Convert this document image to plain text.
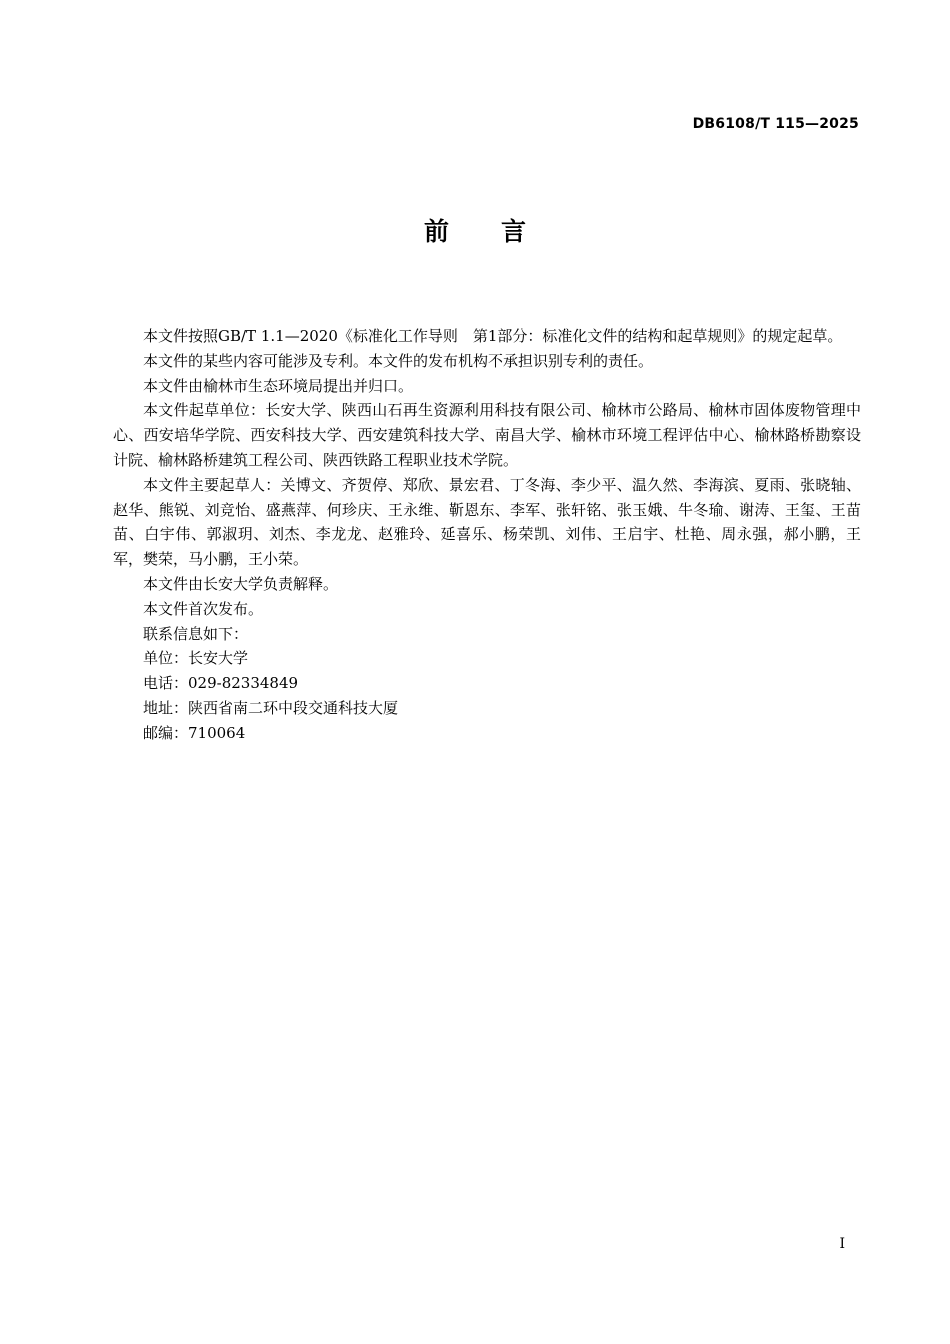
DB6108/T 115—2025
前言

本文件按照GB/T 1.1—2020《标准化工作导则　第1部分：标准化文件的结构和起草规则》的规定起草。

本文件的某些内容可能涉及专利。本文件的发布机构不承担识别专利的责任。

本文件由榆林市生态环境局提出并归口。

本文件起草单位：长安大学、陕西山石再生资源利用科技有限公司、榆林市公路局、榆林市固体废物管理中心、西安培华学院、西安科技大学、西安建筑科技大学、南昌大学、榆林市环境工程评估中心、榆林路桥勘察设计院、榆林路桥建筑工程公司、陕西铁路工程职业技术学院。

本文件主要起草人：关博文、齐贺停、郑欣、景宏君、丁冬海、李少平、温久然、李海滨、夏雨、张晓轴、赵华、熊锐、刘竞怡、盛燕萍、何珍庆、王永维、靳恩东、李军、张轩铭、张玉娥、牛冬瑜、谢涛、王玺、王苗苗、白宇伟、郭淑玥、刘杰、李龙龙、赵雅玲、延喜乐、杨荣凯、刘伟、王启宇、杜艳、周永强，郝小鹏，王军，樊荣，马小鹏，王小荣。

本文件由长安大学负责解释。

本文件首次发布。

联系信息如下：

单位：长安大学

电话：029-82334849

地址：陕西省南二环中段交通科技大厦

邮编：710064

I
